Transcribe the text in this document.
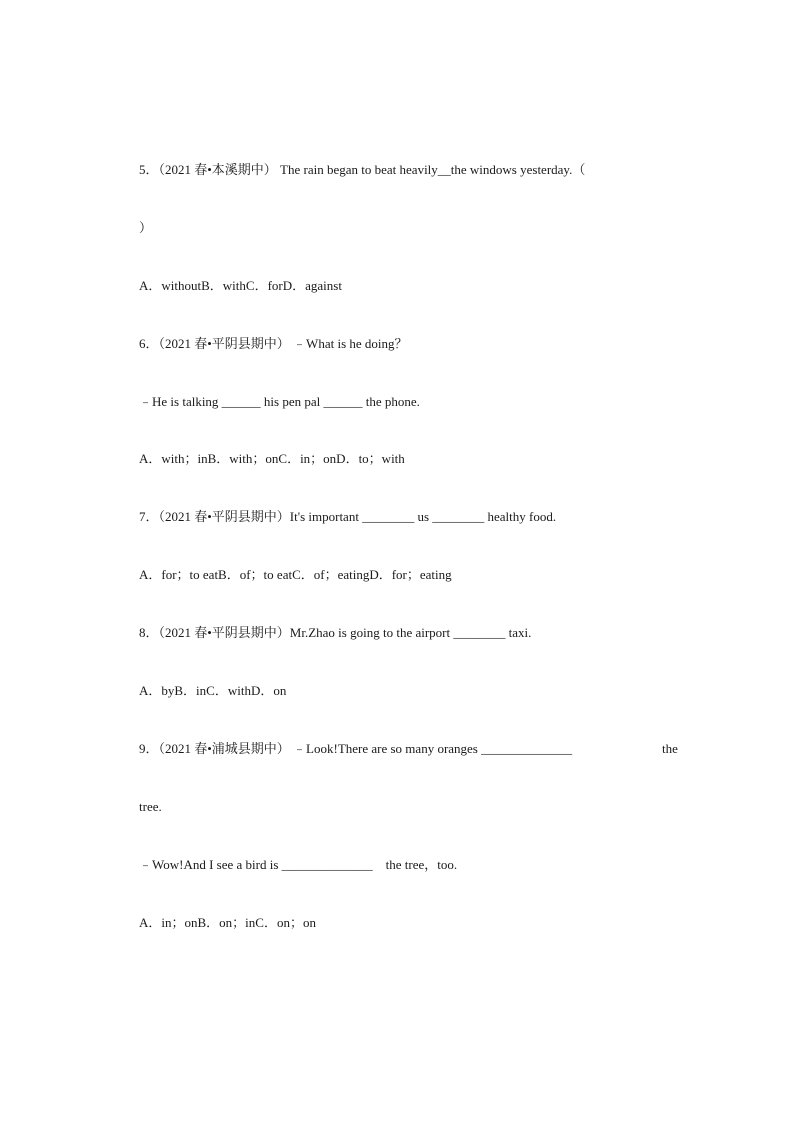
5．（2021 春•本溪期中） The rain began to beat heavily__the windows yesterday.（
）
A．withoutB．withC．forD．against
6．（2021 春•平阴县期中） ﹣What is he doing？
﹣He is talking ______ his pen pal ______ the phone.
A．with；inB．with；onC．in；onD．to；with
7．（2021 春•平阴县期中）It's important ________ us ________ healthy food.
A．for；to eatB．of；to eatC．of；eatingD．for；eating
8．（2021 春•平阴县期中）Mr.Zhao is going to the airport ________ taxi.
A．byB．inC．withD．on
9．（2021 春•浦城县期中） ﹣Look!There are so many oranges ______________	the
tree.
﹣Wow!And I see a bird is ______________    the tree，too.
A．in；onB．on；inC．on；on
